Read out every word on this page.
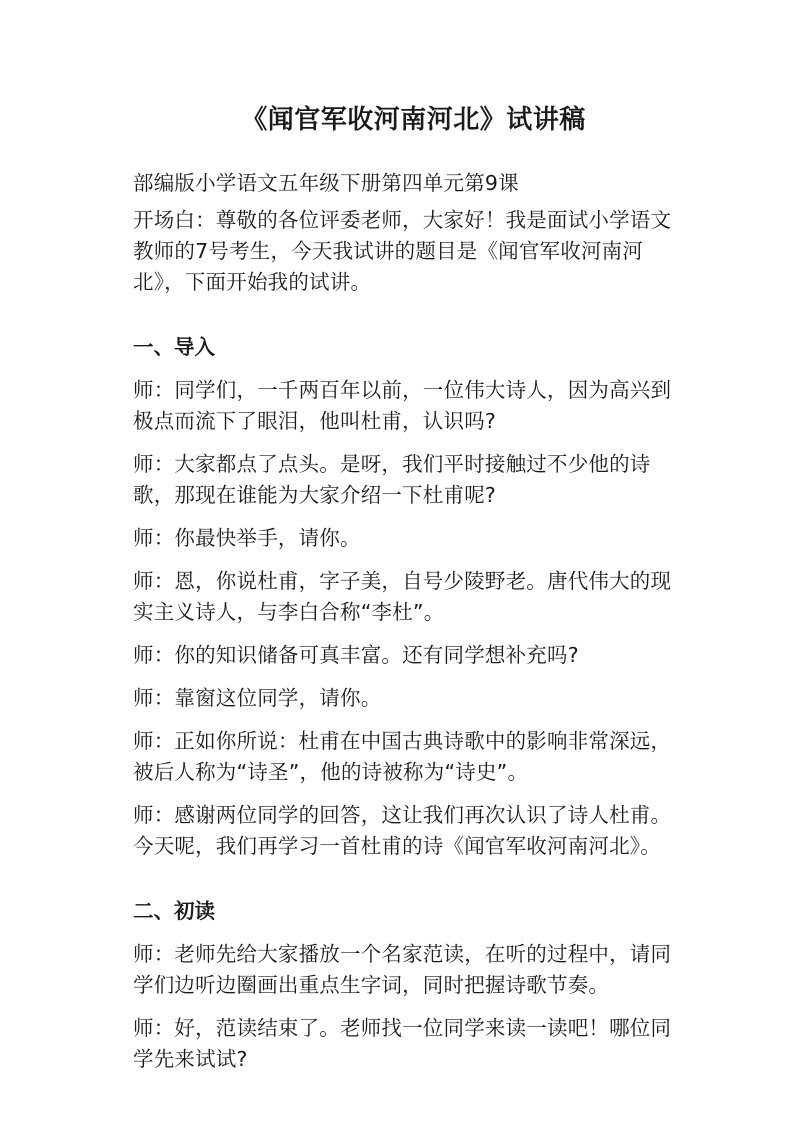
《闻官军收河南河北》试讲稿

部编版小学语文五年级下册第四单元第9课

开场白：尊敬的各位评委老师，大家好！我是面试小学语文教师的7号考生，今天我试讲的题目是《闻官军收河南河北》，下面开始我的试讲。

一、导入

师：同学们，一千两百年以前，一位伟大诗人，因为高兴到极点而流下了眼泪，他叫杜甫，认识吗?

师：大家都点了点头。是呀，我们平时接触过不少他的诗歌，那现在谁能为大家介绍一下杜甫呢?

师：你最快举手，请你。

师：恩，你说杜甫，字子美，自号少陵野老。唐代伟大的现实主义诗人，与李白合称“李杜”。

师：你的知识储备可真丰富。还有同学想补充吗?

师：靠窗这位同学，请你。

师：正如你所说：杜甫在中国古典诗歌中的影响非常深远，被后人称为“诗圣”，他的诗被称为“诗史”。

师：感谢两位同学的回答，这让我们再次认识了诗人杜甫。今天呢，我们再学习一首杜甫的诗《闻官军收河南河北》。

二、初读

师：老师先给大家播放一个名家范读，在听的过程中，请同学们边听边圈画出重点生字词，同时把握诗歌节奏。

师：好，范读结束了。老师找一位同学来读一读吧！哪位同学先来试试?
